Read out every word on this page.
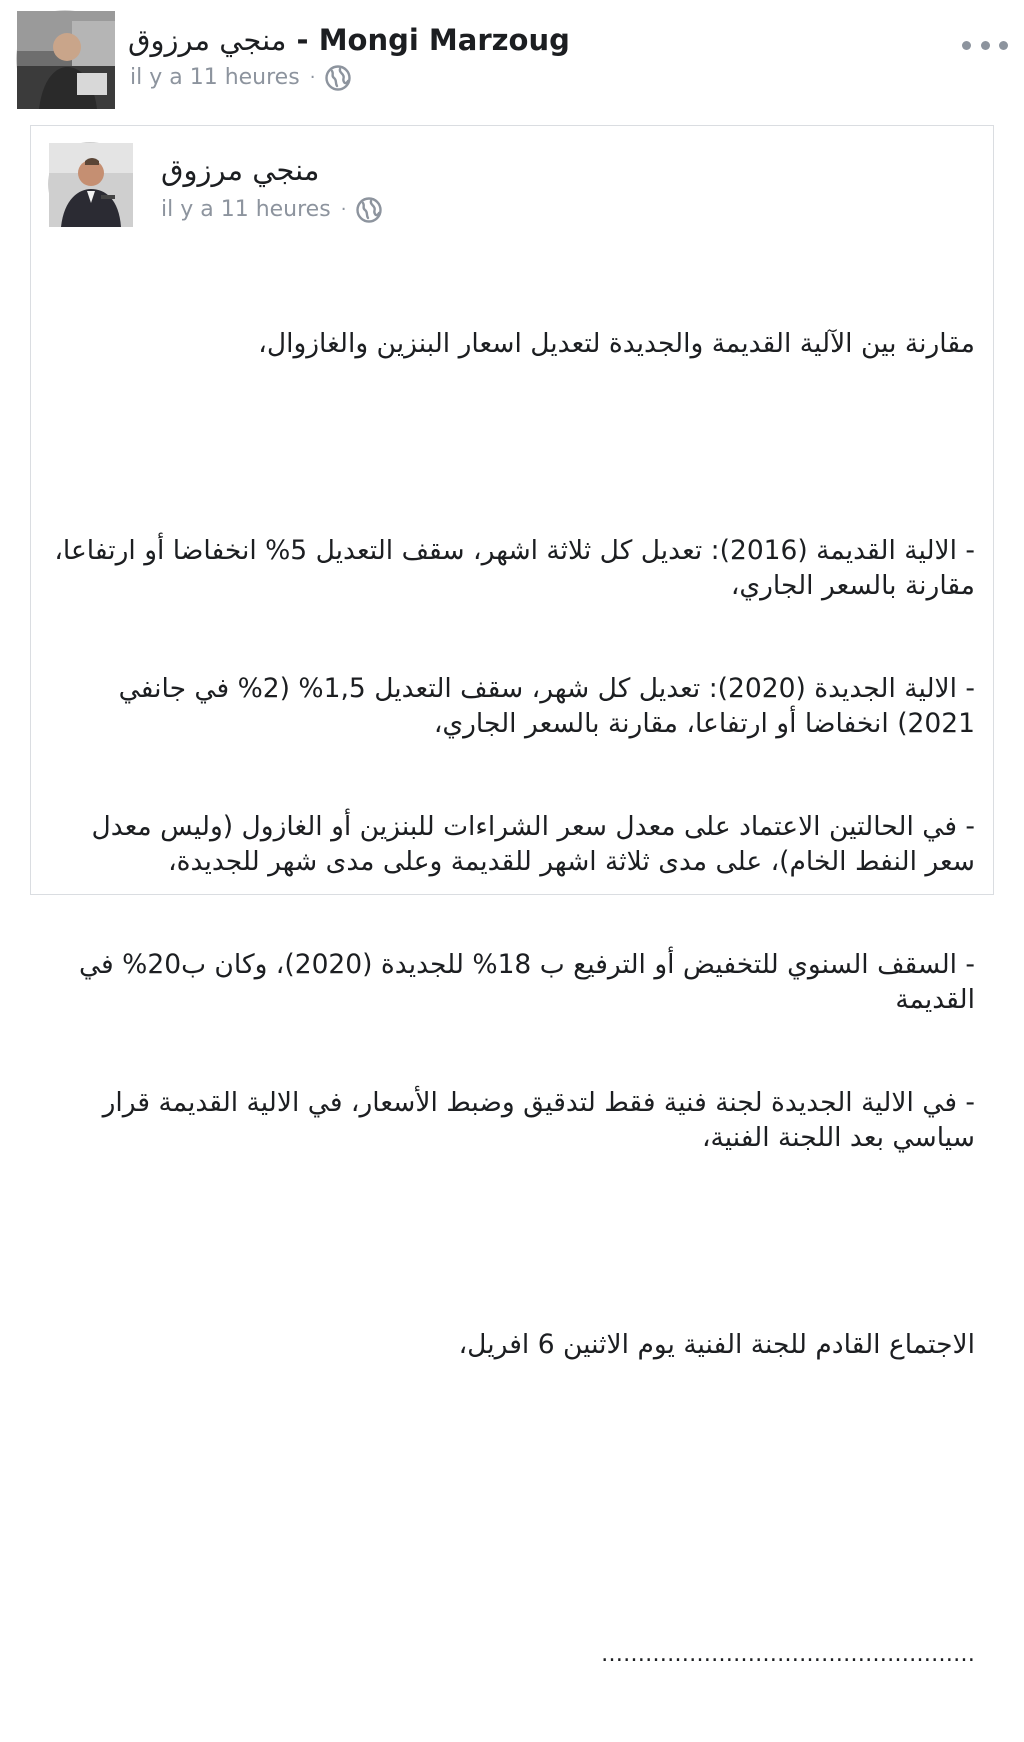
منجي مرزوق - Mongi Marzoug
il y a 11 heures ·
منجي مرزوق
il y a 11 heures ·

مقارنة بين الآلية القديمة والجديدة لتعديل اسعار البنزين والغازوال،

- الالية القديمة (2016): تعديل كل ثلاثة اشهر، سقف التعديل 5% انخفاضا أو ارتفاعا، مقارنة بالسعر الجاري،

- الالية الجديدة (2020): تعديل كل شهر، سقف التعديل 1,5% (2% في جانفي 2021) انخفاضا أو ارتفاعا، مقارنة بالسعر الجاري،

- في الحالتين الاعتماد على معدل سعر الشراءات للبنزين أو الغازول (وليس معدل سعر النفط الخام)، على مدى ثلاثة اشهر للقديمة وعلى مدى شهر للجديدة،

- السقف السنوي للتخفيض أو الترفيع ب 18% للجديدة (2020)، وكان ب20% في القديمة

- في الالية الجديدة لجنة فنية فقط لتدقيق وضبط الأسعار، في الالية القديمة قرار سياسي بعد اللجنة الفنية،

الاجتماع القادم للجنة الفنية يوم الاثنين 6 افريل،

……………………………………………
